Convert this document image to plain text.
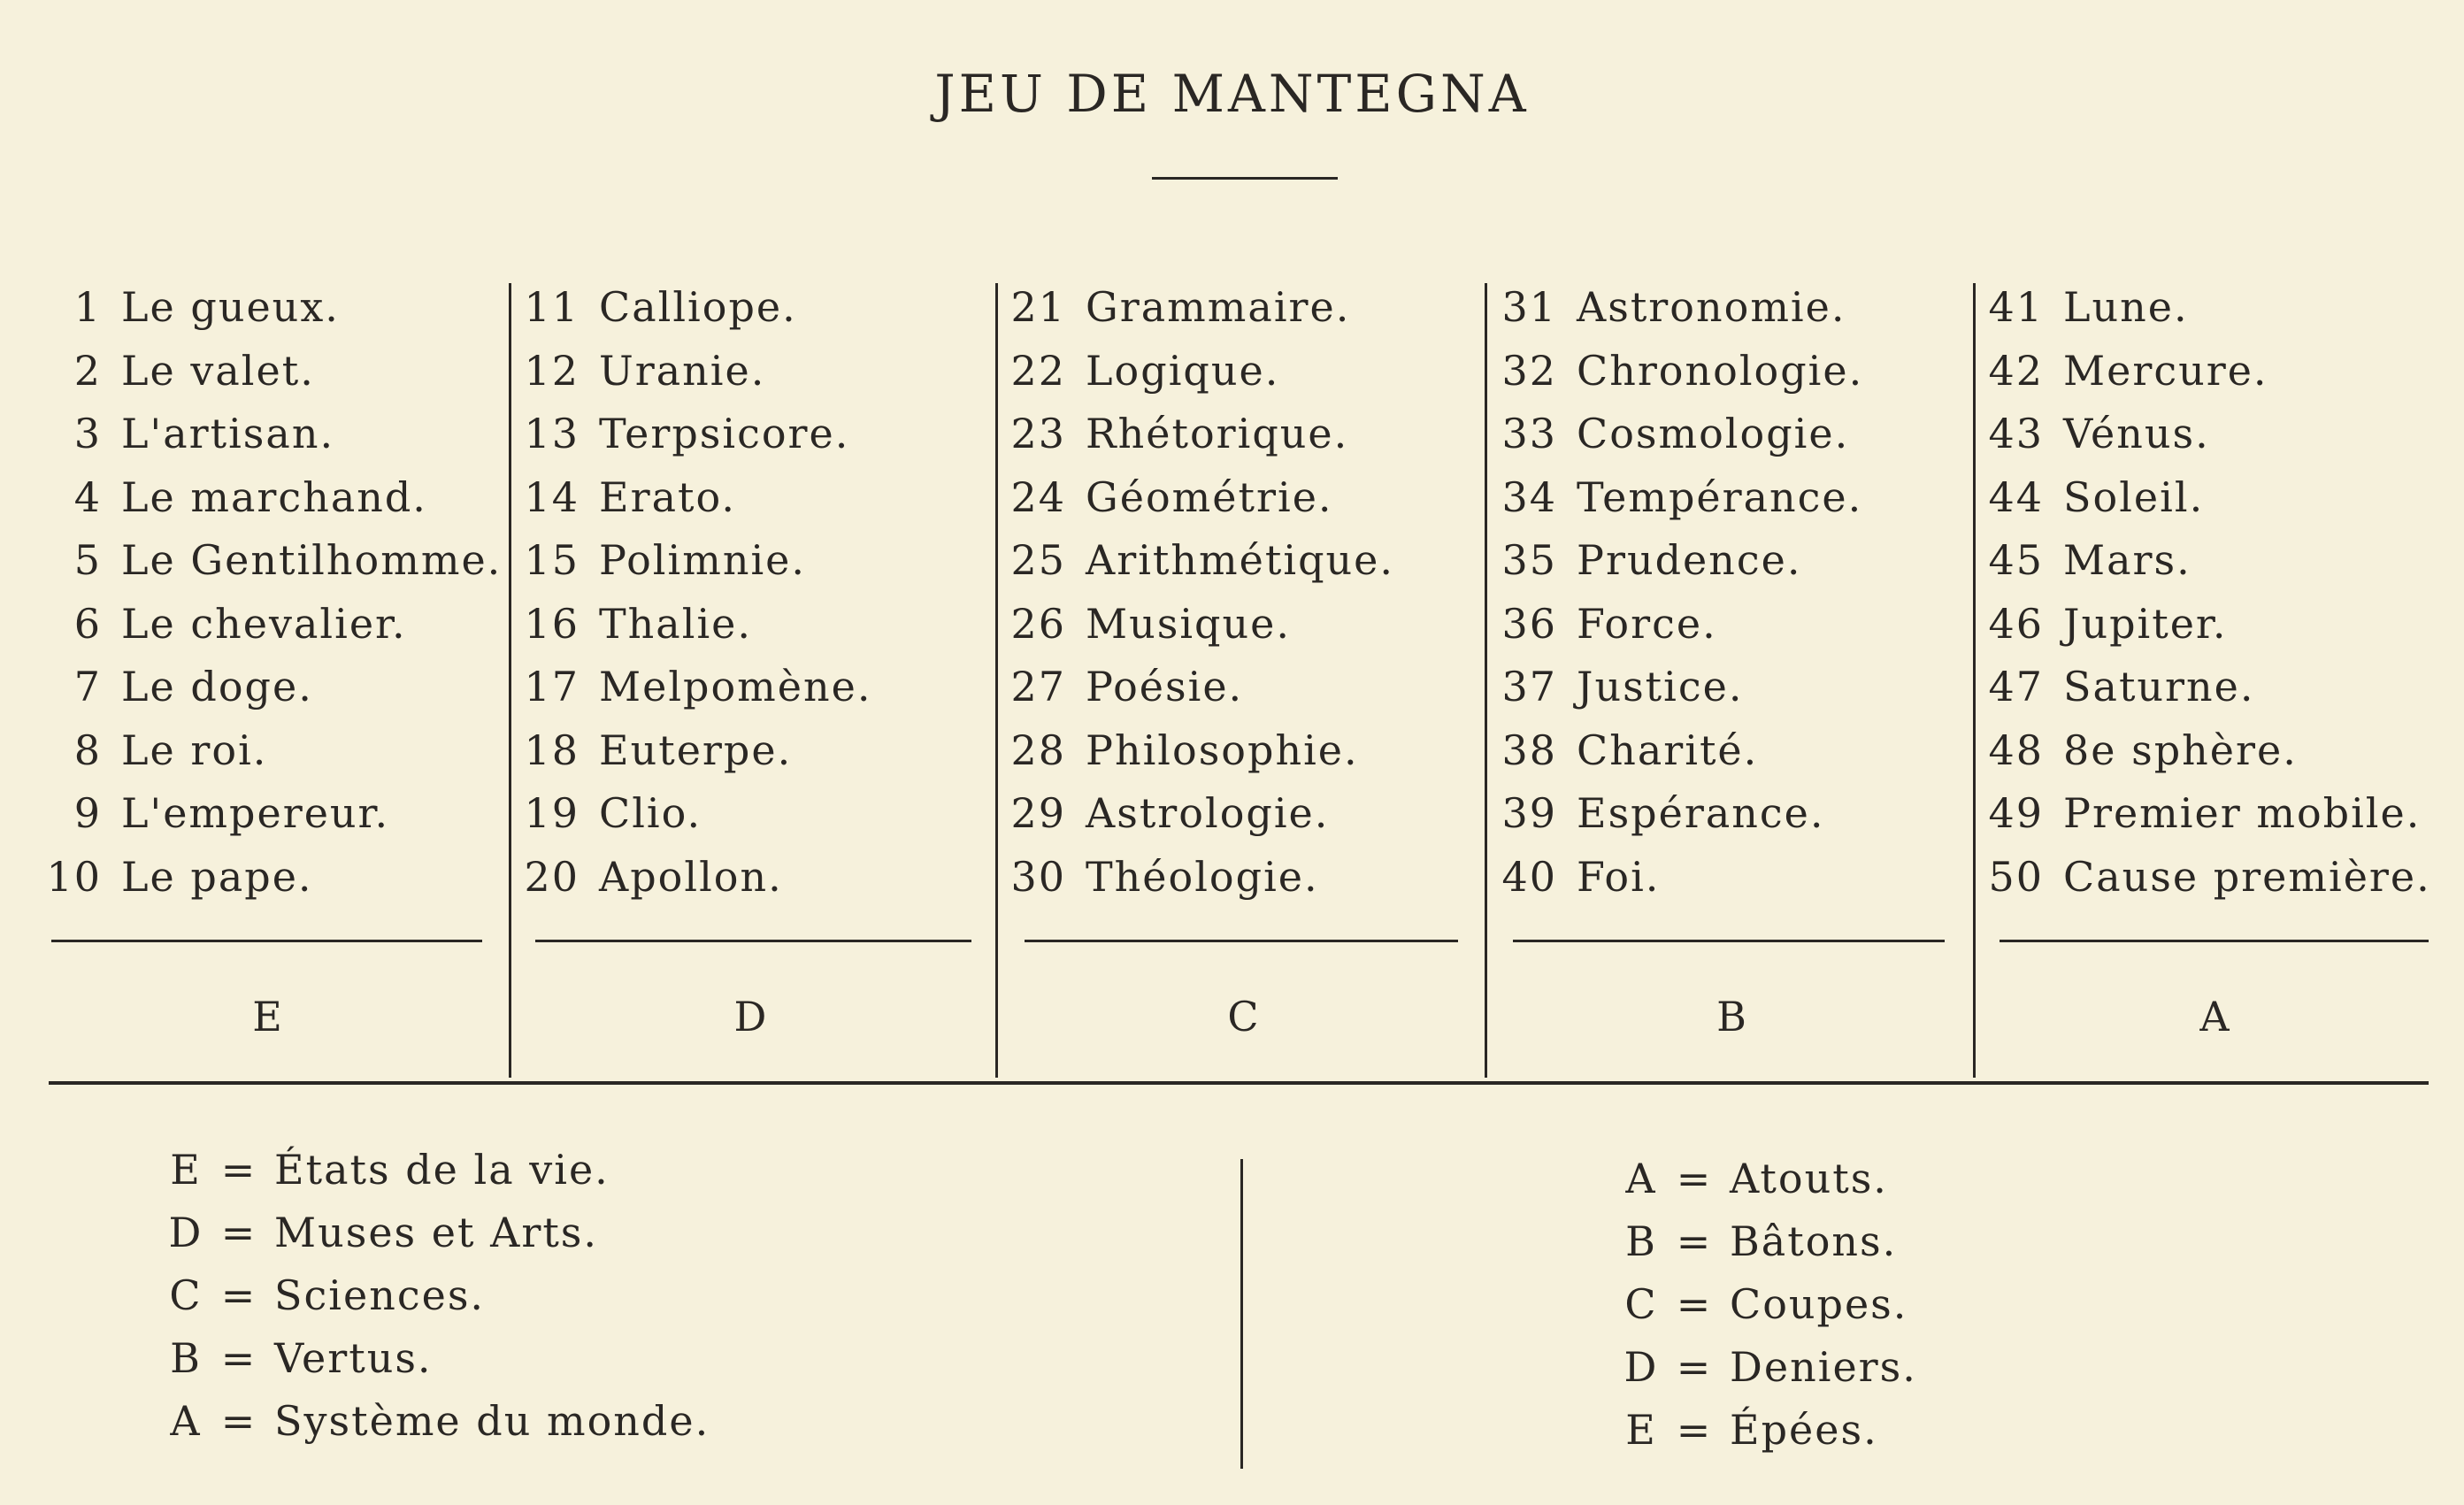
JEU DE MANTEGNA
1 Le gueux.
2 Le valet.
3 L'artisan.
4 Le marchand.
5 Le Gentilhomme.
6 Le chevalier.
7 Le doge.
8 Le roi.
9 L'empereur.
10 Le pape.
E
11 Calliope.
12 Uranie.
13 Terpsicore.
14 Erato.
15 Polimnie.
16 Thalie.
17 Melpomène.
18 Euterpe.
19 Clio.
20 Apollon.
D
21 Grammaire.
22 Logique.
23 Rhétorique.
24 Géométrie.
25 Arithmétique.
26 Musique.
27 Poésie.
28 Philosophie.
29 Astrologie.
30 Théologie.
C
31 Astronomie.
32 Chronologie.
33 Cosmologie.
34 Tempérance.
35 Prudence.
36 Force.
37 Justice.
38 Charité.
39 Espérance.
40 Foi.
B
41 Lune.
42 Mercure.
43 Vénus.
44 Soleil.
45 Mars.
46 Jupiter.
47 Saturne.
48 8e sphère.
49 Premier mobile.
50 Cause première.
A
E = États de la vie.
D = Muses et Arts.
C = Sciences.
B = Vertus.
A = Système du monde.
A = Atouts.
B = Bâtons.
C = Coupes.
D = Deniers.
E = Épées.
